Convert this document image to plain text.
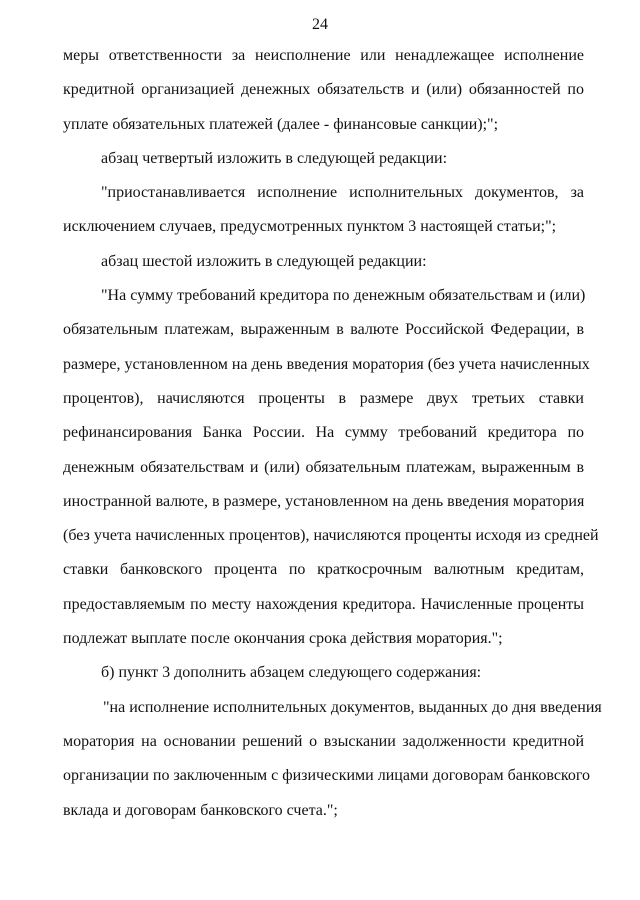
24

меры ответственности за неисполнение или ненадлежащее исполнение
кредитной организацией денежных обязательств и (или) обязанностей по
уплате обязательных платежей (далее - финансовые санкции);";

абзац четвертый изложить в следующей редакции:

"приостанавливается исполнение исполнительных документов, за
исключением случаев, предусмотренных пунктом 3 настоящей статьи;";

абзац шестой изложить в следующей редакции:

"На сумму требований кредитора по денежным обязательствам и (или)
обязательным платежам, выраженным в валюте Российской Федерации, в
размере, установленном на день введения моратория (без учета начисленных
процентов), начисляются проценты в размере двух третьих ставки
рефинансирования Банка России. На сумму требований кредитора по
денежным обязательствам и (или) обязательным платежам, выраженным в
иностранной валюте, в размере, установленном на день введения моратория
(без учета начисленных процентов), начисляются проценты исходя из средней
ставки банковского процента по краткосрочным валютным кредитам,
предоставляемым по месту нахождения кредитора. Начисленные проценты
подлежат выплате после окончания срока действия моратория.";

б) пункт 3 дополнить абзацем следующего содержания:

"на исполнение исполнительных документов, выданных до дня введения
моратория на основании решений о взыскании задолженности кредитной
организации по заключенным с физическими лицами договорам банковского
вклада и договорам банковского счета.";
